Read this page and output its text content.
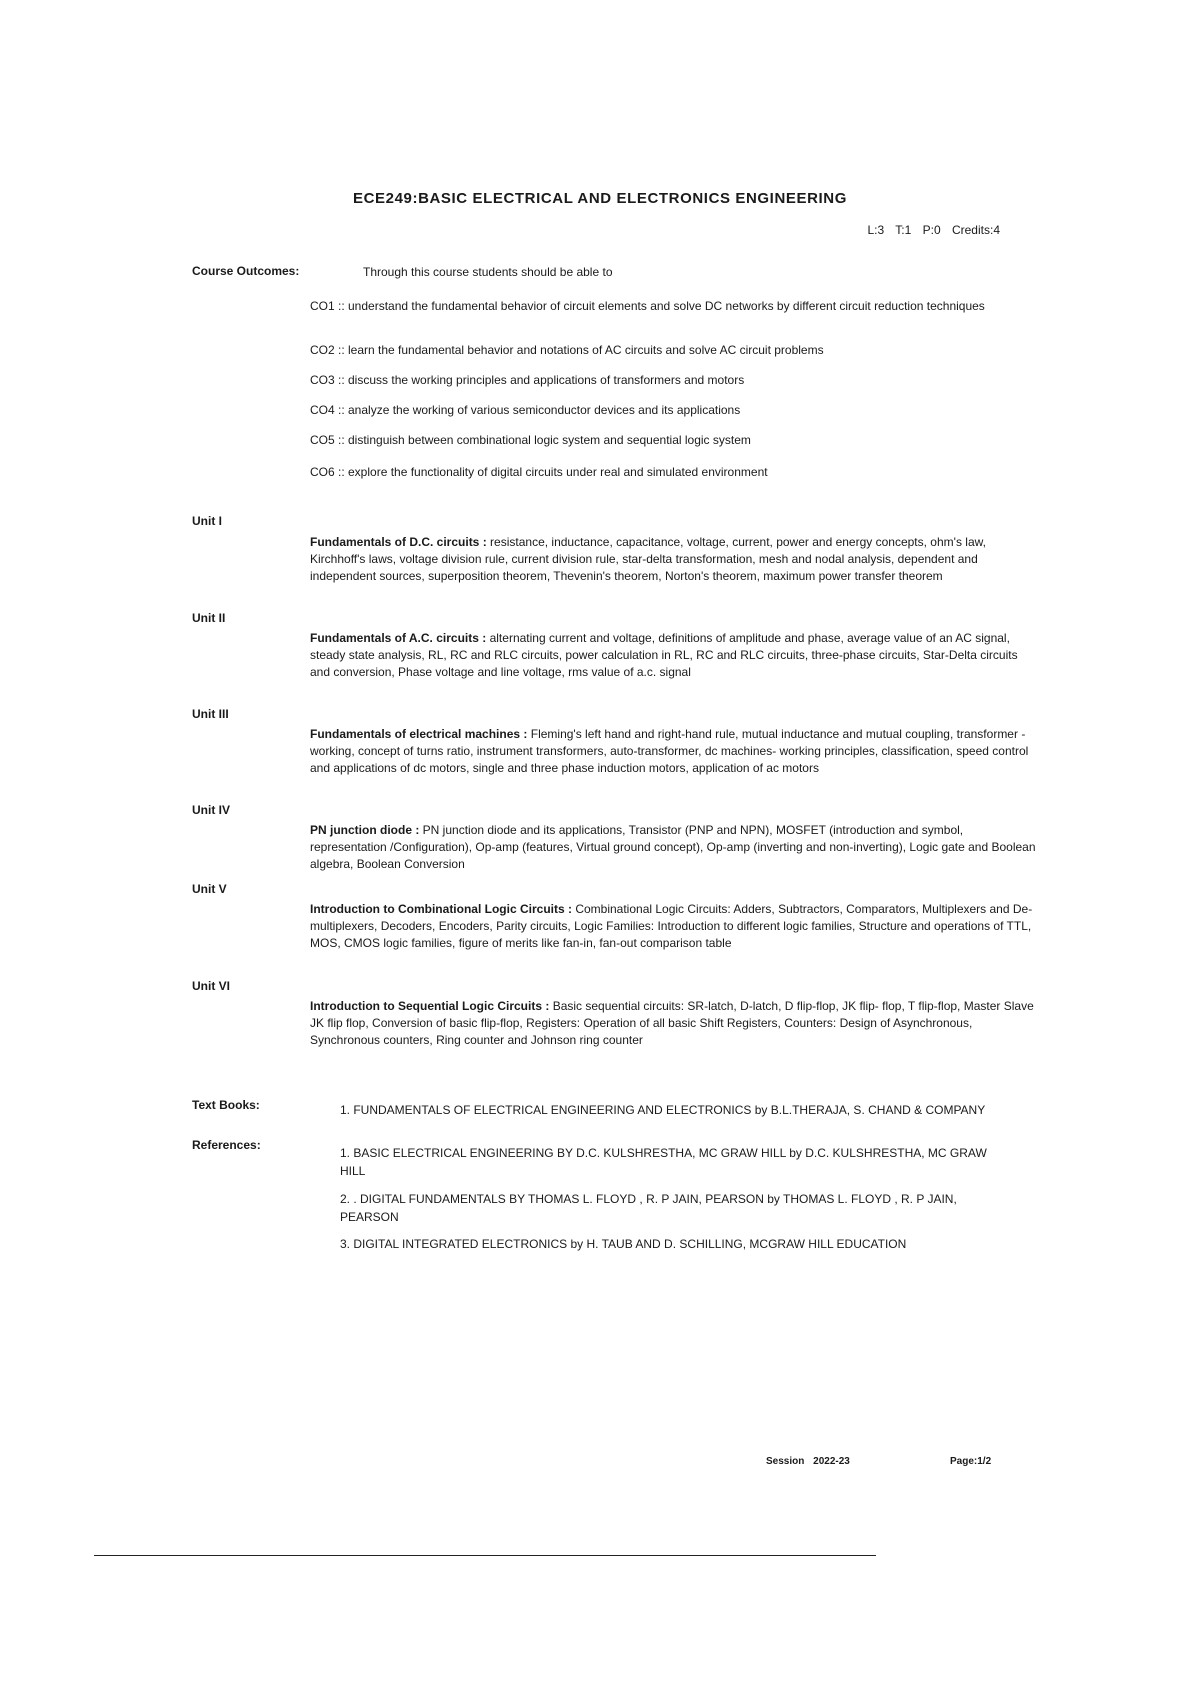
ECE249:BASIC ELECTRICAL AND ELECTRONICS ENGINEERING
L:3 T:1 P:0 Credits:4
Course Outcomes:	Through this course students should be able to
CO1 :: understand the fundamental behavior of circuit elements and solve DC networks by different circuit reduction techniques
CO2 :: learn the fundamental behavior and notations of AC circuits and solve AC circuit problems
CO3 :: discuss the working principles and applications of transformers and motors
CO4 :: analyze the working of various semiconductor devices and its applications
CO5 :: distinguish between combinational logic system and sequential logic system
CO6 :: explore the functionality of digital circuits under real and simulated environment
Unit I
Fundamentals of D.C. circuits : resistance, inductance, capacitance, voltage, current, power and energy concepts, ohm's law, Kirchhoff's laws, voltage division rule, current division rule, star-delta transformation, mesh and nodal analysis, dependent and independent sources, superposition theorem, Thevenin's theorem, Norton's theorem, maximum power transfer theorem
Unit II
Fundamentals of A.C. circuits : alternating current and voltage, definitions of amplitude and phase, average value of an AC signal, steady state analysis, RL, RC and RLC circuits, power calculation in RL, RC and RLC circuits, three-phase circuits, Star-Delta circuits and conversion, Phase voltage and line voltage, rms value of a.c. signal
Unit III
Fundamentals of electrical machines : Fleming's left hand and right-hand rule, mutual inductance and mutual coupling, transformer - working, concept of turns ratio, instrument transformers, auto-transformer, dc machines- working principles, classification, speed control and applications of dc motors, single and three phase induction motors, application of ac motors
Unit IV
PN junction diode : PN junction diode and its applications, Transistor (PNP and NPN), MOSFET (introduction and symbol, representation /Configuration), Op-amp (features, Virtual ground concept), Op-amp (inverting and non-inverting), Logic gate and Boolean algebra, Boolean Conversion
Unit V
Introduction to Combinational Logic Circuits : Combinational Logic Circuits: Adders, Subtractors, Comparators, Multiplexers and De-multiplexers, Decoders, Encoders, Parity circuits, Logic Families: Introduction to different logic families, Structure and operations of TTL, MOS, CMOS logic families, figure of merits like fan-in, fan-out comparison table
Unit VI
Introduction to Sequential Logic Circuits : Basic sequential circuits: SR-latch, D-latch, D flip-flop, JK flip- flop, T flip-flop, Master Slave JK flip flop, Conversion of basic flip-flop, Registers: Operation of all basic Shift Registers, Counters: Design of Asynchronous, Synchronous counters, Ring counter and Johnson ring counter
Text Books:	1. FUNDAMENTALS OF ELECTRICAL ENGINEERING AND ELECTRONICS by B.L.THERAJA, S. CHAND & COMPANY
References:
1. BASIC ELECTRICAL ENGINEERING BY D.C. KULSHRESTHA, MC GRAW HILL by D.C. KULSHRESTHA, MC GRAW HILL
2. . DIGITAL FUNDAMENTALS BY THOMAS L. FLOYD , R. P JAIN, PEARSON by THOMAS L. FLOYD , R. P JAIN, PEARSON
3. DIGITAL INTEGRATED ELECTRONICS by H. TAUB AND D. SCHILLING, MCGRAW HILL EDUCATION
Session 2022-23	Page:1/2
